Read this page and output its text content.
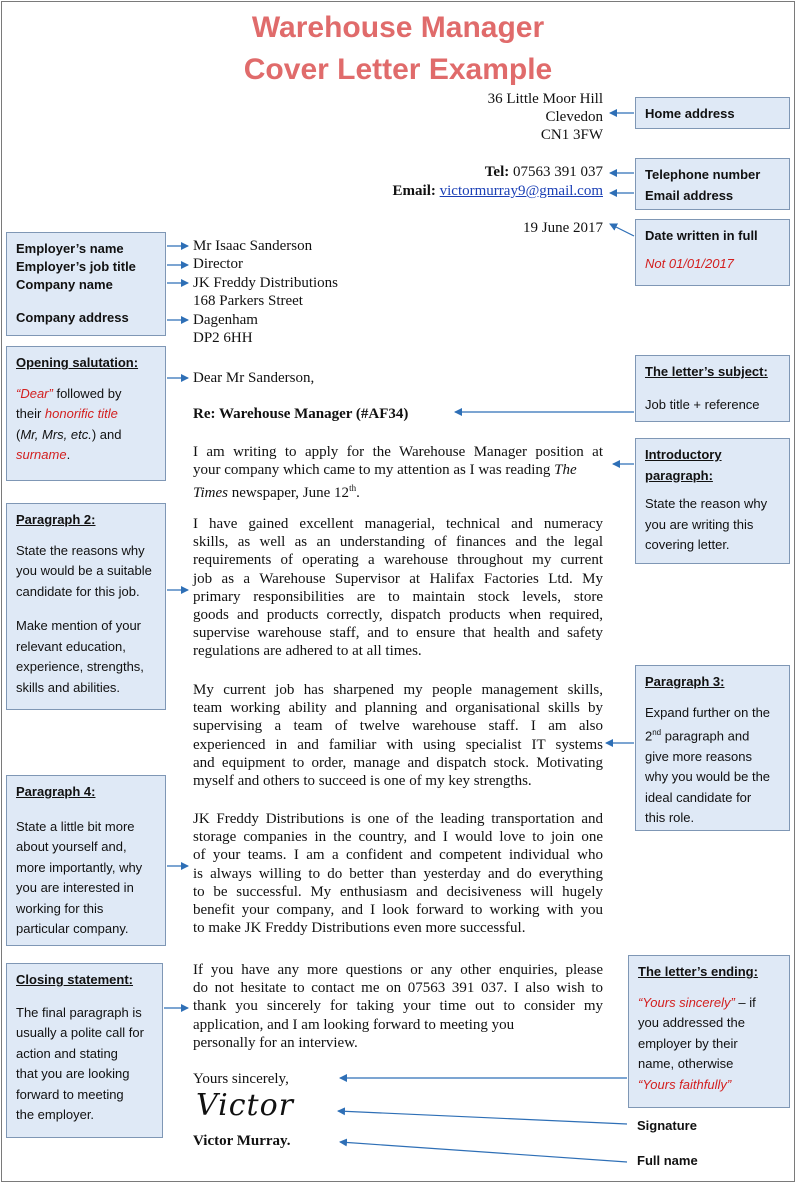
Warehouse Manager
Cover Letter Example
36 Little Moor Hill
Clevedon
CN1 3FW
Tel: 07563 391 037
Email: victormurray9@gmail.com
19 June 2017
Mr Isaac Sanderson
Director
JK Freddy Distributions
168 Parkers Street
Dagenham
DP2 6HH
Dear Mr Sanderson,
Re: Warehouse Manager (#AF34)
I am writing to apply for the Warehouse Manager position at
your company which came to my attention as I was reading The
Times newspaper, June 12th.
I have gained excellent managerial, technical and numeracy
skills, as well as an understanding of finances and the legal
requirements of operating a warehouse throughout my current
job as a Warehouse Supervisor at Halifax Factories Ltd. My
primary responsibilities are to maintain stock levels, store
goods and products correctly, dispatch products when required,
supervise warehouse staff, and to ensure that health and safety
regulations are adhered to at all times.
My current job has sharpened my people management skills,
team working ability and planning and organisational skills by
supervising a team of twelve warehouse staff. I am also
experienced in and familiar with using specialist IT systems
and equipment to order, manage and dispatch stock. Motivating
myself and others to succeed is one of my key strengths.
JK Freddy Distributions is one of the leading transportation and
storage companies in the country, and I would love to join one
of your teams. I am a confident and competent individual who
is always willing to do better than yesterday and do everything
to be successful. My enthusiasm and decisiveness will hugely
benefit your company, and I look forward to working with you
to make JK Freddy Distributions even more successful.
If you have any more questions or any other enquiries, please
do not hesitate to contact me on 07563 391 037. I also wish to
thank you sincerely for taking your time out to consider my
application, and I am looking forward to meeting you
personally for an interview.
Yours sincerely,
Victor
Victor Murray.
Home address
Telephone number
Email address
Date written in full
Not 01/01/2017
The letter’s subject:
Job title + reference
Introductory
paragraph:
State the reason why
you are writing this
covering letter.
Paragraph 3:
Expand further on the
2nd paragraph and
give more reasons
why you would be the
ideal candidate for
this role.
The letter’s ending:
“Yours sincerely” – if
you addressed the
employer by their
name, otherwise
“Yours faithfully”
Signature
Full name
Employer’s name
Employer’s job title
Company name
Company address
Opening salutation:
“Dear” followed by
their honorific title
(Mr, Mrs, etc.) and
surname.
Paragraph 2:
State the reasons why
you would be a suitable
candidate for this job.
Make mention of your
relevant education,
experience, strengths,
skills and abilities.
Paragraph 4:
State a little bit more
about yourself and,
more importantly, why
you are interested in
working for this
particular company.
Closing statement:
The final paragraph is
usually a polite call for
action and stating
that you are looking
forward to meeting
the employer.
